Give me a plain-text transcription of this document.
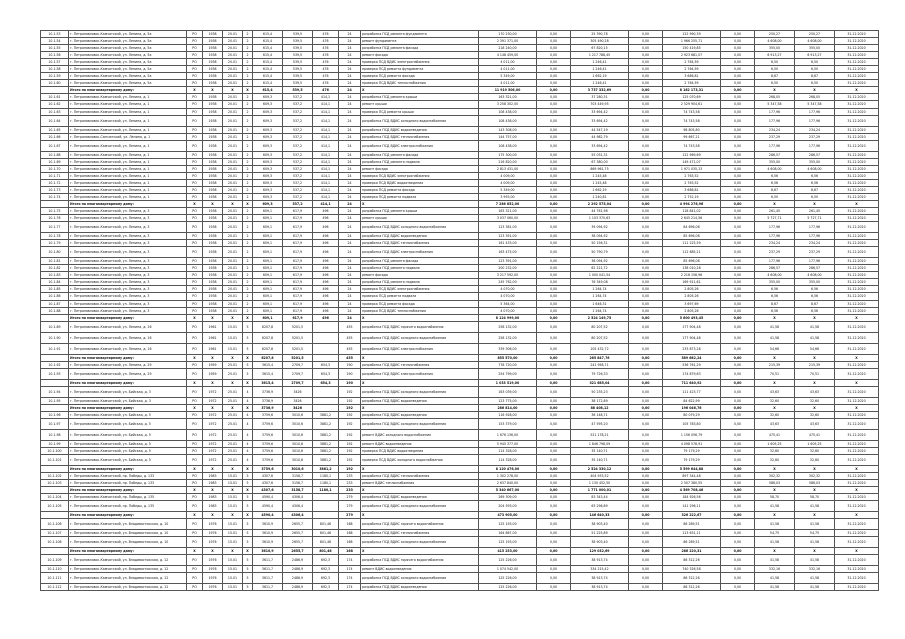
10.1.53	г. Петропавловск-Камчатский, ул. Ленина, д. 5а	РО	1938	20.01	2	615,4	539,5	476	24	разработка ПСД ремонта фундамента	170 230,00	0,00	25 390,78	0,00	122 990,39	0,00	250,27	250,27	31.12.2020
10.1.54	г. Петропавловск-Камчатский, ул. Ленина, д. 5а	РО	1938	20.01	2	615,4	539,5	476	24	ремонт фундамента	2 391 371,00	0,00	305 490,28	0,00	1 966 255,71	0,00	4 608,00	4 608,00	31.12.2020
10.1.55	г. Петропавловск-Камчатский, ул. Ленина, д. 5а	РО	1938	20.01	2	615,4	539,5	476	24	разработка ПСД ремонта фасада	218 240,00	0,00	67 820,15	0,00	150 419,85	0,00	355,00	355,00	31.12.2020
10.1.56	г. Петропавловск-Камчатский, ул. Ленина, д. 5а	РО	1938	20.01	2	615,4	539,5	476	24	ремонт фасада	4 148 459,00	0,00	1 217 788,45	0,00	2 923 681,07	0,00	6 913,27	6 913,27	31.12.2020
10.1.57	г. Петропавловск-Камчатский, ул. Ленина, д. 5а	РО	1938	20.01	2	615,4	539,5	476	24	проверка ПСД ВДИС электроснабжения	4 011,00	0,00	1 246,41	0,00	2 764,59	0,00	6,50	6,50	31.12.2020
10.1.58	г. Петропавловск-Камчатский, ул. Ленина, д. 5а	РО	1938	20.01	2	615,4	539,5	476	24	проверка ПСД ремонта фундамента	4 011,00	0,00	1 246,41	0,00	2 764,59	0,00	6,50	6,50	31.12.2020
10.1.59	г. Петропавловск-Камчатский, ул. Ленина, д. 5а	РО	1938	20.01	2	615,4	539,5	476	24	проверка ПСД ремонта фасада	5 349,00	0,00	1 662,19	0,00	3 686,81	0,00	8,67	8,67	31.12.2020
10.1.60	г. Петропавловск-Камчатский, ул. Ленина, д. 5а	РО	1938	20.01	2	615,4	539,5	476	24	проверка ПСД ВДИС теплоснабжения	4 011,00	0,00	1 246,41	0,00	2 764,59	0,00	6,50	6,50	31.12.2020
	Итого по многоквартирному дому:	X	X	X	X	615,4	539,5	476	24	X	11 919 506,00	0,00	3 737 332,69	0,00	8 182 173,31	0,00	X	X	X
10.1.61	г. Петропавловск-Камчатский, ул. Ленина, д. 1	РО	1938	20.01	2	609,3	537,2	414,1	24	разработка ПСД ремонта крыши	163 321,00	0,00	37 280,31	0,00	125 070,69	0,00	268,05	268,05	31.12.2020
10.1.62	г. Петропавловск-Камчатский, ул. Ленина, д. 1	РО	1938	20.01	2	609,3	537,2	414,1	24	ремонт крыши	3 258 302,00	0,00	703 449,95	0,00	2 529 904,61	0,00	5 347,58	5 347,58	31.12.2020
10.1.63	г. Петропавловск-Камчатский, ул. Ленина, д. 1	РО	1938	20.01	2	609,3	537,2	414,1	24	проверка ПСД ремонта крыши	108 438,00	0,00	33 694,42	0,00	74 743,58	0,00	177,96	177,96	31.12.2020
10.1.64	г. Петропавловск-Камчатский, ул. Ленина, д. 1	РО	1938	20.01	2	609,3	537,2	414,1	24	разработка ПСД ВДИС холодного водоснабжения	108 438,00	0,00	33 694,42	0,00	74 743,58	0,00	177,96	177,96	31.12.2020
10.1.65	г. Петропавловск-Камчатский, ул. Ленина, д. 1	РО	1938	20.01	2	609,3	537,2	414,1	24	разработка ПСД ВДИС водоотведения	143 308,00	0,00	44 547,19	0,00	98 805,80	0,00	234,24	234,24	31.12.2020
10.1.66	г. Петропавловск-Camчатский, ул. Ленина, д. 1	РО	1938	20.01	2	609,3	537,2	414,1	24	разработка ПСД ВДИС теплоснабжения	144 757,00	0,00	44 982,79	0,00	99 667,21	0,00	237,29	237,29	31.12.2020
10.1.67	г. Петропавловск-Камчатский, ул. Ленина, д. 1	РО	1938	20.01	2	609,3	537,2	414,1	24	разработка ПСД ВДИС электроснабжения	108 438,00	0,00	33 694,42	0,00	74 743,58	0,00	177,96	177,96	31.12.2020
10.1.68	г. Петропавловск-Камчатский, ул. Ленина, д. 1	РО	1938	20.01	2	609,3	537,2	414,1	24	разработка ПСД ремонта фасада	175 300,00	0,00	55 031,31	0,00	122 969,69	0,00	286,57	286,57	31.12.2020
10.1.69	г. Петропавловск-Камчатский, ул. Ленина, д. 1	РО	1938	20.01	2	609,3	537,2	414,1	24	разработка ПСД ремонта подвала	216 820,00	0,00	67 380,00	0,00	149 471,07	0,00	355,00	355,00	31.12.2020
10.1.70	г. Петропавловск-Камчатский, ул. Ленина, д. 1	РО	1938	20.01	2	609,3	537,2	414,1	24	ремонт фасада	2 813 431,00	0,00	869 961,75	0,00	1 971 035,13	0,00	4 608,00	4 608,00	31.12.2020
10.1.71	г. Петропавловск-Камчатский, ул. Ленина, д. 1	РО	1938	20.01	2	609,3	537,2	414,1	24	проверка ПСД ВДИС электроснабжения	4 009,00	0,00	1 245,48	0,00	2 763,52	0,00	6,56	6,56	31.12.2020
10.1.72	г. Петропавловск-Камчатский, ул. Ленина, д. 1	РО	1938	20.01	2	609,3	537,2	414,1	24	проверка ПСД ВДИС водоотведения	4 009,00	0,00	1 245,48	0,00	2 763,52	0,00	6,56	6,56	31.12.2020
10.1.73	г. Петропавловск-Камчатский, ул. Ленина, д. 1	РО	1938	20.01	2	609,3	537,2	414,1	24	проверка ПСД ремонта фасада	5 349,00	0,00	1 662,19	0,00	3 686,81	0,00	8,67	8,67	31.12.2020
10.1.74	г. Петропавловск-Камчатский, ул. Ленина, д. 1	РО	1938	20.01	2	609,3	537,2	414,1	24	проверка ПСД ремонта подвала	3 993,00	0,00	1 240,81	0,00	2 752,19	0,00	6,50	6,50	31.12.2020
	Итого по многоквартирному дому:	X	X	X	X	609,3	537,2	414,1	24	X	7 286 852,00	0,00	2 292 575,04	0,00	4 994 276,96	0,00	X	X	X
10.1.75	г. Петропавловск-Камчатский, ул. Ленина, д. 3	РО	1938	20.01	2	609,1	617,9	496	24	разработка ПСД ремонта крыши	163 321,00	0,00	44 761,98	0,00	118 841,02	0,00	261,45	261,45	31.12.2020
10.1.76	г. Петропавловск-Камчатский, ул. Ленина, д. 3	РО	1938	20.01	2	609,1	617,9	496	24	ремонт крыши	3 037 060,00	0,00	1 103 370,63	0,00	2 645 214,56	0,00	5 727,71	5 727,71	31.12.2020
10.1.77	г. Петропавловск-Камчатский, ул. Ленина, д. 3	РО	1938	20.01	2	609,1	617,9	496	24	разработка ПСД ВДИС холодного водоснабжения	123 381,00	0,00	39 094,92	0,00	84 696,08	0,00	177,96	177,96	31.12.2020
10.1.78	г. Петропавловск-Камчатский, ул. Ленина, д. 3	РО	1938	20.01	2	609,1	617,9	496	24	разработка ПСД ВДИС водоотведения	123 391,00	0,00	38 094,92	0,00	85 696,08	0,00	177,96	177,96	31.12.2020
10.1.79	г. Петропавловск-Камчатский, ул. Ленина, д. 3	РО	1938	20.01	2	609,1	617,9	496	24	разработка ПСД ВДИС теплоснабжения	161 433,00	0,00	50 156,31	0,00	111 225,59	0,00	234,24	234,24	31.12.2020
10.1.80	г. Петропавловск-Камчатский, ул. Ленина, д. 3	РО	1938	20.01	2	609,1	617,9	496	24	разработка ПСД ВДИС электроснабжения	163 475,00	0,00	50 790,79	0,00	112 685,21	0,00	237,29	237,29	31.12.2020
10.1.81	г. Петропавловск-Камчатский, ул. Ленина, д. 3	РО	1938	20.01	2	609,1	617,9	496	24	разработка ПСД ремонта фасада	123 391,00	0,00	38 094,92	0,00	85 696,08	0,00	177,96	177,96	31.12.2020
10.1.82	г. Петропавловск-Камчатский, ул. Ленина, д. 3	РО	1938	20.01	2	609,1	617,9	496	24	разработка ПСД ремонта подвала	200 232,00	0,00	62 221,72	0,00	138 010,28	0,00	286,57	286,57	31.12.2020
10.1.83	г. Петропавловск-Камчатский, ул. Ленина, д. 3	РО	1938	20.01	2	609,1	617,9	496	24	ремонт фасада	3 217 592,00	0,00	1 000 041,54	0,00	2 216 158,96	0,00	4 608,00	4 608,00	31.12.2020
10.1.84	г. Петропавловск-Камчатский, ул. Ленина, д. 3	РО	1938	20.01	2	609,1	617,9	496	24	разработка ПСД ремонта подвала	245 762,00	0,00	76 349,08	0,00	169 911,61	0,00	355,00	355,00	31.12.2020
10.1.85	г. Петропавловск-Камчатский, ул. Ленина, д. 3	РО	1938	20.01	2	609,1	617,9	496	24	проверка ПСД ВДИС электроснабжения	4 070,00	0,00	1 264,74	0,00	2 805,26	0,00	6,56	6,56	31.12.2020
10.1.86	г. Петропавловск-Камчатский, ул. Ленина, д. 3	РО	1938	20.01	2	609,1	617,9	496	24	проверка ПСД ремонта подвала	4 070,00	0,00	1 264,74	0,00	2 805,26	0,00	6,56	6,56	31.12.2020
10.1.87	г. Петропавловск-Камчатский, ул. Ленина, д. 3	РО	1938	20.01	2	609,1	617,9	496	24	проверка ПСД ремонта фасада	5 364,00	0,00	1 646,31	0,00	3 697,69	0,00	8,67	8,67	31.12.2020
10.1.88	г. Петропавловск-Камчатский, ул. Ленина, д. 3	РО	1938	20.01	2	609,1	617,9	496	24	проверка ПСД ВДИС теплоснабжения	4 070,00	0,00	1 264,74	0,00	2 805,26	0,00	6,56	6,56	31.12.2020
	Итого по многоквартирному дому:	X	X	X	X	609,1	617,9	496	24	X	8 124 999,00	0,00	2 524 149,75	0,00	5 600 493,45	0,00	X	X	X
10.1.89	г. Петропавловск-Камчатский, ул. Ленина, д. 16	РО	1961	15.01	5	6207,8	5201,5		455	разработка ПСД ВДИС горячего водоснабжения	258 132,00	0,00	80 207,52	0,00	177 904,48	0,00	41,58	41,58	31.12.2020
10.1.90	г. Петропавловск-Камчатский, ул. Ленина, д. 16	РО	1961	15.01	5	6207,8	5201,5		455	разработка ПСД ВДИС холодного водоснабжения	258 132,00	0,00	80 207,52	0,00	177 904,48	0,00	41,58	41,58	31.12.2020
10.1.91	г. Петропавловск-Камчатский, ул. Ленина, д. 16	РО	1961	15.01	5	6207,8	5201,5		455	разработка ПСД ВДИС электроснабжения	339 306,00	0,00	105 432,72	0,00	233 873,28	0,00	54,66	54,66	31.12.2020
	Итого по многоквартирному дому:	X	X	X	X	6207,8	5201,5		455	X	855 570,00	0,00	265 847,76	0,00	589 682,24	0,00	X	X	X
10.1.92	г. Петропавловск-Камчатский, ул. Ленина, д. 29	РО	1959	25.01	5	3615,4	2709,7	654,3	190	разработка ПСД ВДИС теплоснабжения	778 720,00	0,00	241 958,71	0,00	536 761,29	0,00	215,39	215,39	31.12.2020
10.1.93	г. Петропавловск-Камчатский, ул. Ленина, д. 29	РО	1959	25.01	5	3615,4	2709,7	654,3	190	разработка ПСД ВДИС электроснабжения	254 799,00	0,00	79 726,33	0,00	174 879,63	0,00	70,51	70,51	31.12.2020
	Итого по многоквартирному дому:	X	X	X	X	3615,4	2709,7	654,3	190	X	1 033 519,00	0,00	321 685,04	0,00	711 640,92	0,00	X	X	X
10.1.94	г. Петропавловск-Камчатский, ул. Бийская, д. 3	РО	1972	25.01	4	3736,9	3426		192	разработка ПСД ВДИС холодного водоснабжения	163 039,00	0,00	50 235,23	0,00	111 423,77	0,00	43,63	43,63	31.12.2020
10.1.95	г. Петропавловск-Камчатский, ул. Бийская, д. 3	РО	1972	25.01	4	3736,9	3426		192	разработка ПСД ВДИС водоотведения	123 775,00	0,00	38 172,89	0,00	84 622,99	0,00	32,60	32,60	31.12.2020
	Итого по многоквартирному дому:	X	X	X	X	3736,9	3426		192	X	286 814,00	0,00	88 408,12	0,00	196 046,76	0,00	X	X	X
10.1.96	г. Петропавловск-Камчатский, ул. Бийская, д. 5	РО	1972	25.01	4	3759,6	3010,6	3881,2	192	разработка ПСД ВДИС водоотведения	116 928,00	0,00	36 148,71	0,00	80 079,29	0,00	32,60	32,60	31.12.2020
10.1.97	г. Петропавловск-Камчатский, ул. Бийская, д. 5	РО	1972	25.01	4	3759,6	3010,6	3881,2	192	разработка ПСД ВДИС холодного водоснабжения	153 379,00	0,00	47 595,20	0,00	105 783,80	0,00	43,63	43,63	31.12.2020
10.1.98	г. Петропавловск-Камчатский, ул. Бийская, д. 5	РО	1972	25.01	4	3759,6	3010,6	3881,2	192	ремонт ВДИС холодного водоснабжения	1 676 136,00	0,00	521 178,21	0,00	1 156 056,79	0,00	475,41	475,41	31.12.2020
10.1.99	г. Петропавловск-Камчатский, ул. Бийская, д. 5	РО	1972	25.01	4	3759,6	3010,6	3881,2	192	ремонт ВДИС водоотведения	5 945 377,00	0,00	1 846 798,09	0,00	4 098 578,91	0,00	1 605,25	1 605,25	31.12.2020
10.1.100	г. Петропавловск-Камчатский, ул. Бийская, д. 5	РО	1972	25.01	4	3759,6	3010,6	3881,2	192	проверка ПСД ВДИС водоотведения	114 328,00	0,00	35 140,71	0,00	79 179,29	0,00	32,60	32,60	31.12.2020
10.1.101	г. Петропавловск-Камчатский, ул. Бийская, д. 5	РО	1972	25.01	4	3759,6	3010,6	3881,2	192	проверка ПСД ВДИС холодного водоснабжения	114 328,00	0,00	35 140,71	0,00	79 179,29	0,00	32,60	32,60	31.12.2020
	Итого по многоквартирному дому:	X	X	X	X	3759,6	3010,6	3881,2	192	X	8 120 476,00	0,00	2 524 330,12	0,00	5 599 644,88	0,00	X	X	X
10.1.102	г. Петропавловск-Камчатский, пр. Победы, д. 133	РО	1983	15.01	5	4307,6	3158,7	1180,1	233	разработка ПСД ВДИС теплоснабжения	1 302 278,00	0,00	404 933,52	0,00	897 344,48	0,00	302,32	302,32	31.12.2020
10.1.103	г. Петропавловск-Камчатский, пр. Победы, д. 133	РО	1983	15.01	5	4307,6	3158,7	1180,1	233	ремонт ВДИС теплоснабжения	2 637 840,00	0,00	1 130 452,50	0,00	2 507 380,55	0,00	586,03	586,03	31.12.2020
	Итого по многоквартирному дому:	X	X	X	X	4307,6	3158,7	1180,1	233	X	5 340 667,00	0,00	1 771 000,01	0,00	4 569 708,46	0,00	X	X	X
10.1.104	г. Петропавловск-Камчатский, пр. Победы, д. 135	РО	1983	15.01	5	4590,4	4306,4		279	разработка ПСД ВДИС водоотведения	269 309,00	0,00	83 343,44	0,00	184 926,56	0,00	58,70	58,70	31.12.2020
10.1.105	г. Петропавловск-Камчатский, пр. Победы, д. 135	РО	1983	15.01	5	4590,4	4306,4		279	разработка ПСД ВДИС холодного водоснабжения	204 593,00	0,00	63 296,89	0,00	141 296,11	0,00	41,58	41,58	31.12.2020
	Итого по многоквартирному дому:	X	X	X	X	4590,4	4306,4		279	X	473 905,00	0,00	146 640,33	0,00	326 222,67	0,00	X	X	X
10.1.106	г. Петропавловск-Камчатский, ул. Владивостокская, д. 10	РО	1976	15.01	5	3610,9	2655,7	801,46	168	разработка ПСД ВДИС горячего водоснабжения	125 193,00	0,00	38 903,40	0,00	86 289,51	0,00	41,58	41,58	31.12.2020
10.1.107	г. Петропавловск-Камчатский, ул. Владивостокская, д. 10	РО	1976	15.01	5	3610,9	2655,7	801,46	168	разработка ПСД ВДИС теплоснабжения	164 867,00	0,00	51 225,89	0,00	113 631,11	0,00	54,75	54,75	31.12.2020
10.1.108	г. Петропавловск-Камчатский, ул. Владивостокская, д. 10	РО	1976	15.01	5	3610,9	2655,7	801,46	168	разработка ПСД ВДИС холодного водоснабжения	125 193,00	0,00	38 903,40	0,00	86 289,51	0,00	41,58	41,58	31.12.2020
	Итого по многоквартирному дому:	X	X	X	X	3610,9	2655,7	801,46	168	X	415 253,00	0,00	129 032,69	0,00	286 220,31	0,00	X	X	X
10.1.109	г. Петропавловск-Камчатский, ул. Владивостокская, д. 12	РО	1976	15.01	5	3611,7	2486,9	692,3	174	разработка ПСД ВДИС горячего водоснабжения	125 226,00	0,00	38 913,74	0,00	86 312,26	0,00	41,58	41,58	31.12.2020
10.1.110	г. Петропавловск-Камчатский, ул. Владивостокская, д. 12	РО	1976	15.01	5	3611,7	2486,9	692,3	174	ремонт ВДИС водоотведения	1 074 542,00	0,00	334 215,42	0,00	740 326,58	0,00	332,16	332,16	31.12.2020
10.1.111	г. Петропавловск-Камчатский, ул. Владивостокская, д. 12	РО	1976	15.01	5	3611,7	2486,9	692,3	174	разработка ПСД ВДИС холодного водоснабжения	125 226,00	0,00	38 913,74	0,00	86 312,26	0,00	41,58	41,58	31.12.2020
10.1.112	г. Петропавловск-Камчатский, ул. Владивостокская, д. 12	РО	1976	15.01	5	3611,7	2486,9	692,3	174	разработка ПСД ВДИС водоотведения	125 226,00	0,00	38 913,74	0,00	86 312,26	0,00	41,58	41,58	31.12.2020
